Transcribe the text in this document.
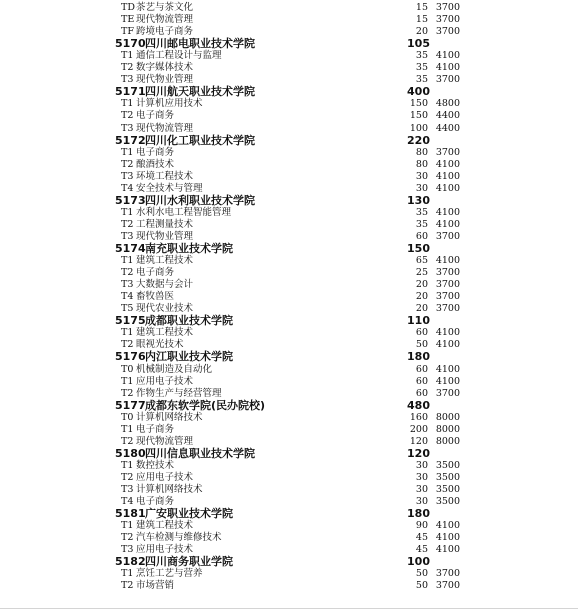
TD 茶艺与茶文化	15 3700
TE 现代物流管理	15 3700
TF 跨境电子商务	20 3700
5170 四川邮电职业技术学院	105
T1 通信工程设计与监理	35 4100
T2 数字媒体技术	35 4100
T3 现代物业管理	35 3700
5171 四川航天职业技术学院	400
T1 计算机应用技术	150 4800
T2 电子商务	150 4400
T3 现代物流管理	100 4400
5172 四川化工职业技术学院	220
T1 电子商务	80 3700
T2 酿酒技术	80 4100
T3 环境工程技术	30 4100
T4 安全技术与管理	30 4100
5173 四川水利职业技术学院	130
T1 水利水电工程智能管理	35 4100
T2 工程测量技术	35 4100
T3 现代物业管理	60 3700
5174 南充职业技术学院	150
T1 建筑工程技术	65 4100
T2 电子商务	25 3700
T3 大数据与会计	20 3700
T4 畜牧兽医	20 3700
T5 现代农业技术	20 3700
5175 成都职业技术学院	110
T1 建筑工程技术	60 4100
T2 眼视光技术	50 4100
5176 内江职业技术学院	180
T0 机械制造及自动化	60 4100
T1 应用电子技术	60 4100
T2 作物生产与经营管理	60 3700
5177 成都东软学院(民办院校)	480
T0 计算机网络技术	160 8000
T1 电子商务	200 8000
T2 现代物流管理	120 8000
5180 四川信息职业技术学院	120
T1 数控技术	30 3500
T2 应用电子技术	30 3500
T3 计算机网络技术	30 3500
T4 电子商务	30 3500
5181 广安职业技术学院	180
T1 建筑工程技术	90 4100
T2 汽车检测与维修技术	45 4100
T3 应用电子技术	45 4100
5182 四川商务职业学院	100
T1 烹饪工艺与营养	50 3700
T2 市场营销	50 3700
